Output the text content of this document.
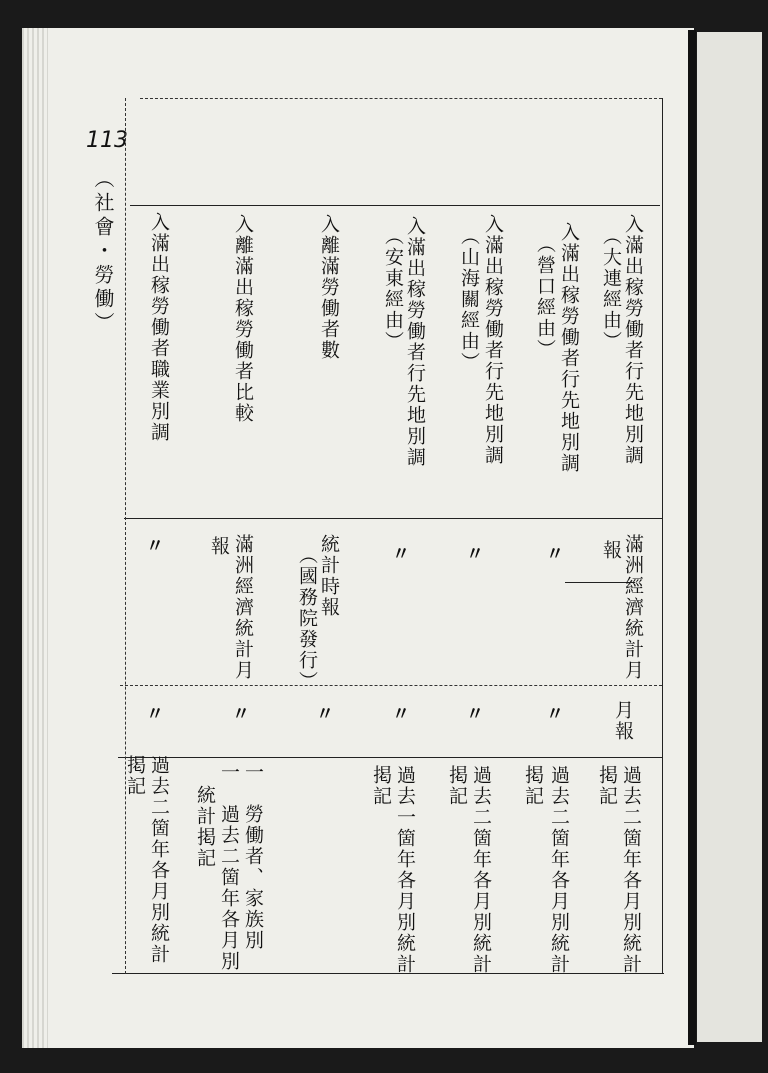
113
（社會・勞働）	入滿出稼勞働者行先地別調
（大連經由）
入滿出稼勞働者行先地別調
（營口經由）
入滿出稼勞働者行先地別調
（山海關經由）
入滿出稼勞働者行先地別調
（安東經由）
入離滿勞働者數
入離滿出稼勞働者比較
入滿出稼勞働者職業別調
滿洲經濟統計月
報
〃
〃
〃
統計時報
（國務院發行）
滿洲經濟統計月
報
〃
月報
〃
〃
〃
〃
〃
〃
過去二箇年各月別統計
掲記
過去二箇年各月別統計
掲記
過去二箇年各月別統計
掲記
過去一箇年各月別統計
掲記
一　勞働者、家族別
一　過去二箇年各月別
統計掲記
過去二箇年各月別統計
掲記
